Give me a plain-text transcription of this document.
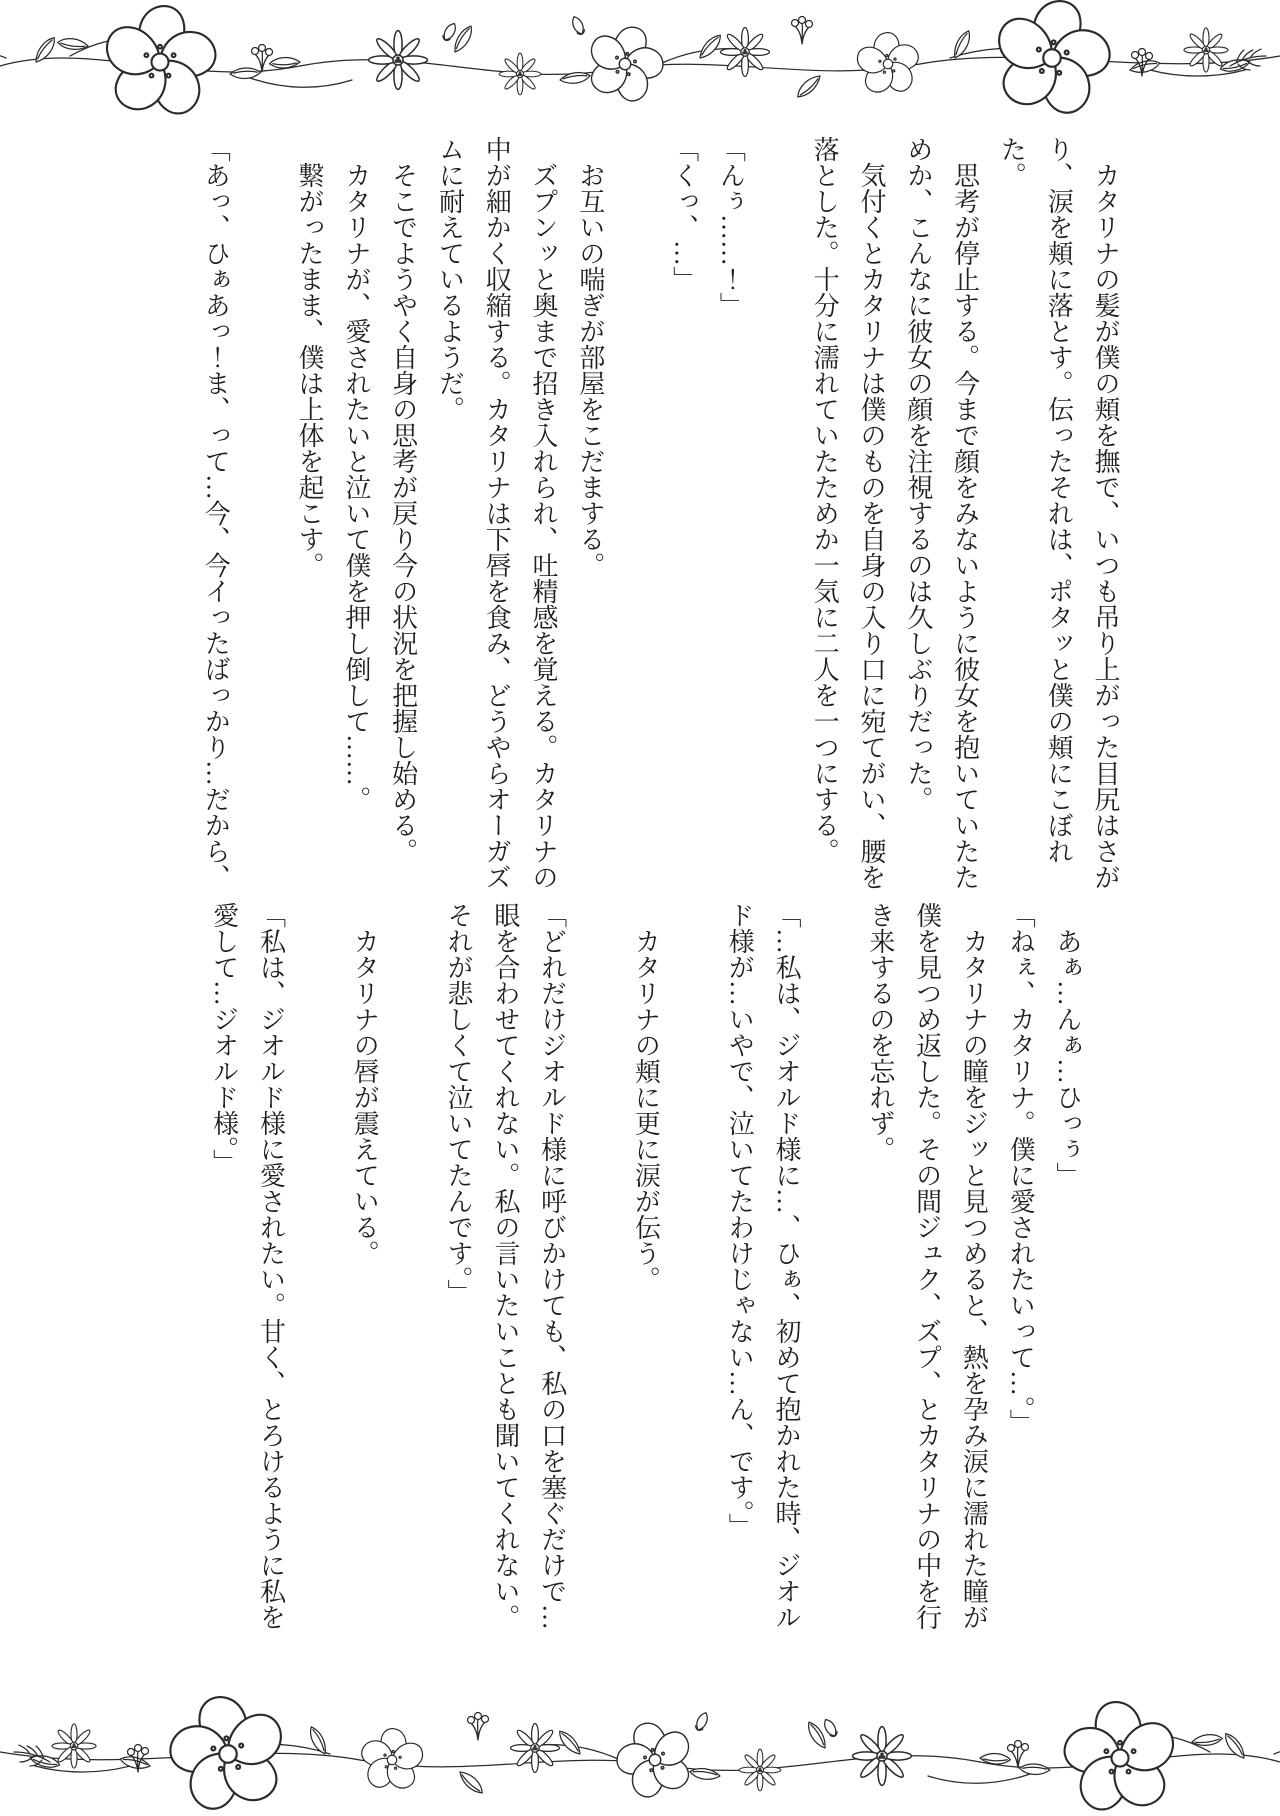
　カタリナの髪が僕の頬を撫で、いつも吊り上がった目尻はさがり、涙を頬に落とす。伝ったそれは、ポタッと僕の頬にこぼれた。

　思考が停止する。今まで顔をみないように彼女を抱いていたためか、こんなに彼女の顔を注視するのは久しぶりだった。

　気付くとカタリナは僕のものを自身の入り口に宛てがい、腰を落とした。十分に濡れていたためか一気に二人を一つにする。

「んぅ……！」

「くっ、…」

　お互いの喘ぎが部屋をこだまする。

　ズプンッと奥まで招き入れられ、吐精感を覚える。カタリナの中が細かく収縮する。カタリナは下唇を食み、どうやらオーガズムに耐えているようだ。

　そこでようやく自身の思考が戻り今の状況を把握し始める。

　カタリナが、愛されたいと泣いて僕を押し倒して……。

　繋がったまま、僕は上体を起こす。

「あっ、ひぁあっ！ま、って…今、今イったばっかり…だから、

　あぁ…んぁ…ひっぅ」

「ねぇ、カタリナ。僕に愛されたいって…。」

　カタリナの瞳をジッと見つめると、熱を孕み涙に濡れた瞳が僕を見つめ返した。その間ジュク、ズプ、とカタリナの中を行き来するのを忘れず。

「…私は、ジオルド様に…、ひぁ、初めて抱かれた時、ジオルド様が…いやで、泣いてたわけじゃない…ん、です。」

　カタリナの頬に更に涙が伝う。

「どれだけジオルド様に呼びかけても、私の口を塞ぐだけで…眼を合わせてくれない。私の言いたいことも聞いてくれない。それが悲しくて泣いてたんです。」

　カタリナの唇が震えている。

「私は、ジオルド様に愛されたい。甘く、とろけるように私を愛して…ジオルド様。」
